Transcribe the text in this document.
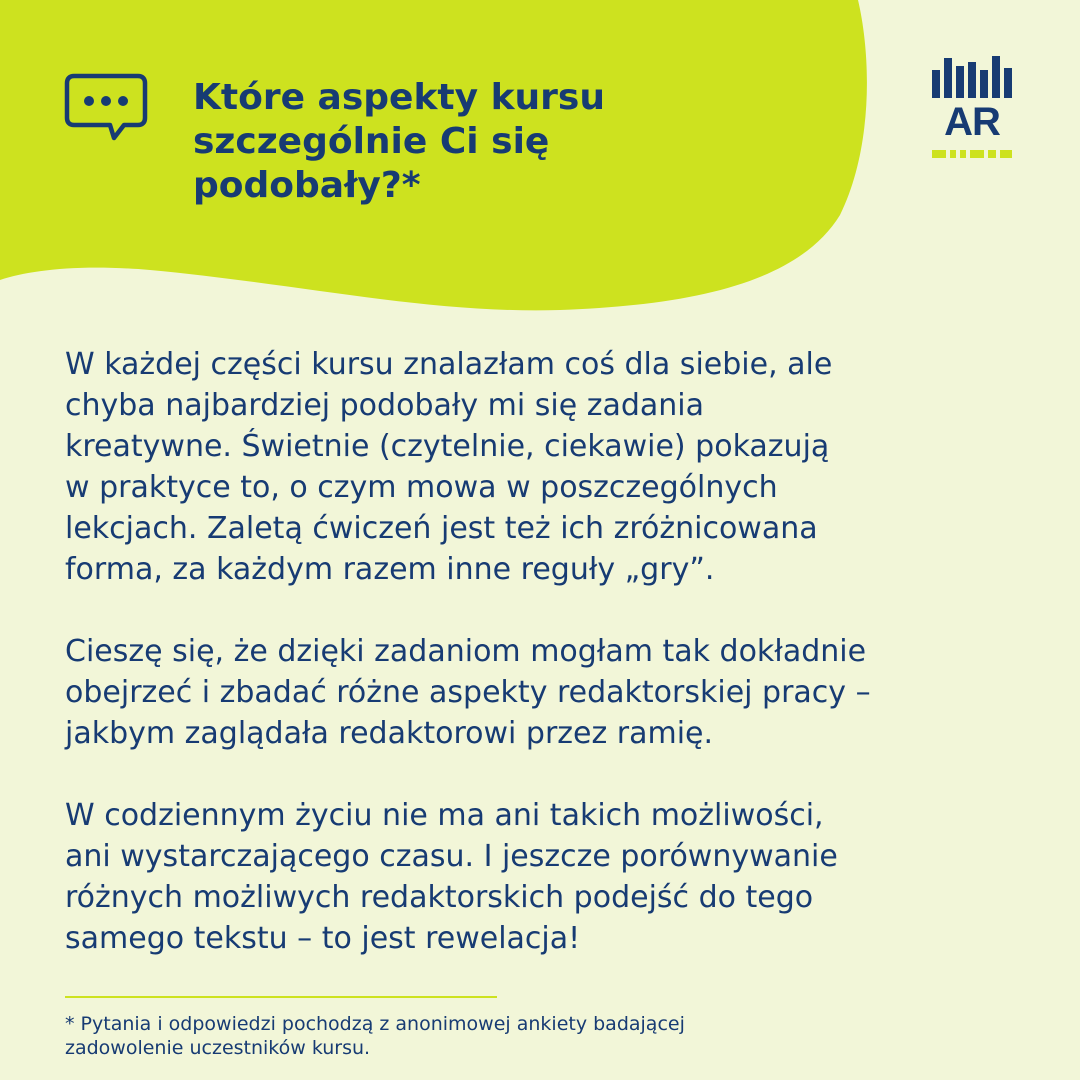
Które aspekty kursu
szczególnie Ci się
podobały?*
AR

W każdej części kursu znalazłam coś dla siebie, ale
chyba najbardziej podobały mi się zadania
kreatywne. Świetnie (czytelnie, ciekawie) pokazują
w praktyce to, o czym mowa w poszczególnych
lekcjach. Zaletą ćwiczeń jest też ich zróżnicowana
forma, za każdym razem inne reguły „gry”.

Cieszę się, że dzięki zadaniom mogłam tak dokładnie
obejrzeć i zbadać różne aspekty redaktorskiej pracy –
jakbym zaglądała redaktorowi przez ramię.

W codziennym życiu nie ma ani takich możliwości,
ani wystarczającego czasu. I jeszcze porównywanie
różnych możliwych redaktorskich podejść do tego
samego tekstu – to jest rewelacja!

* Pytania i odpowiedzi pochodzą z anonimowej ankiety badającej
zadowolenie uczestników kursu.
